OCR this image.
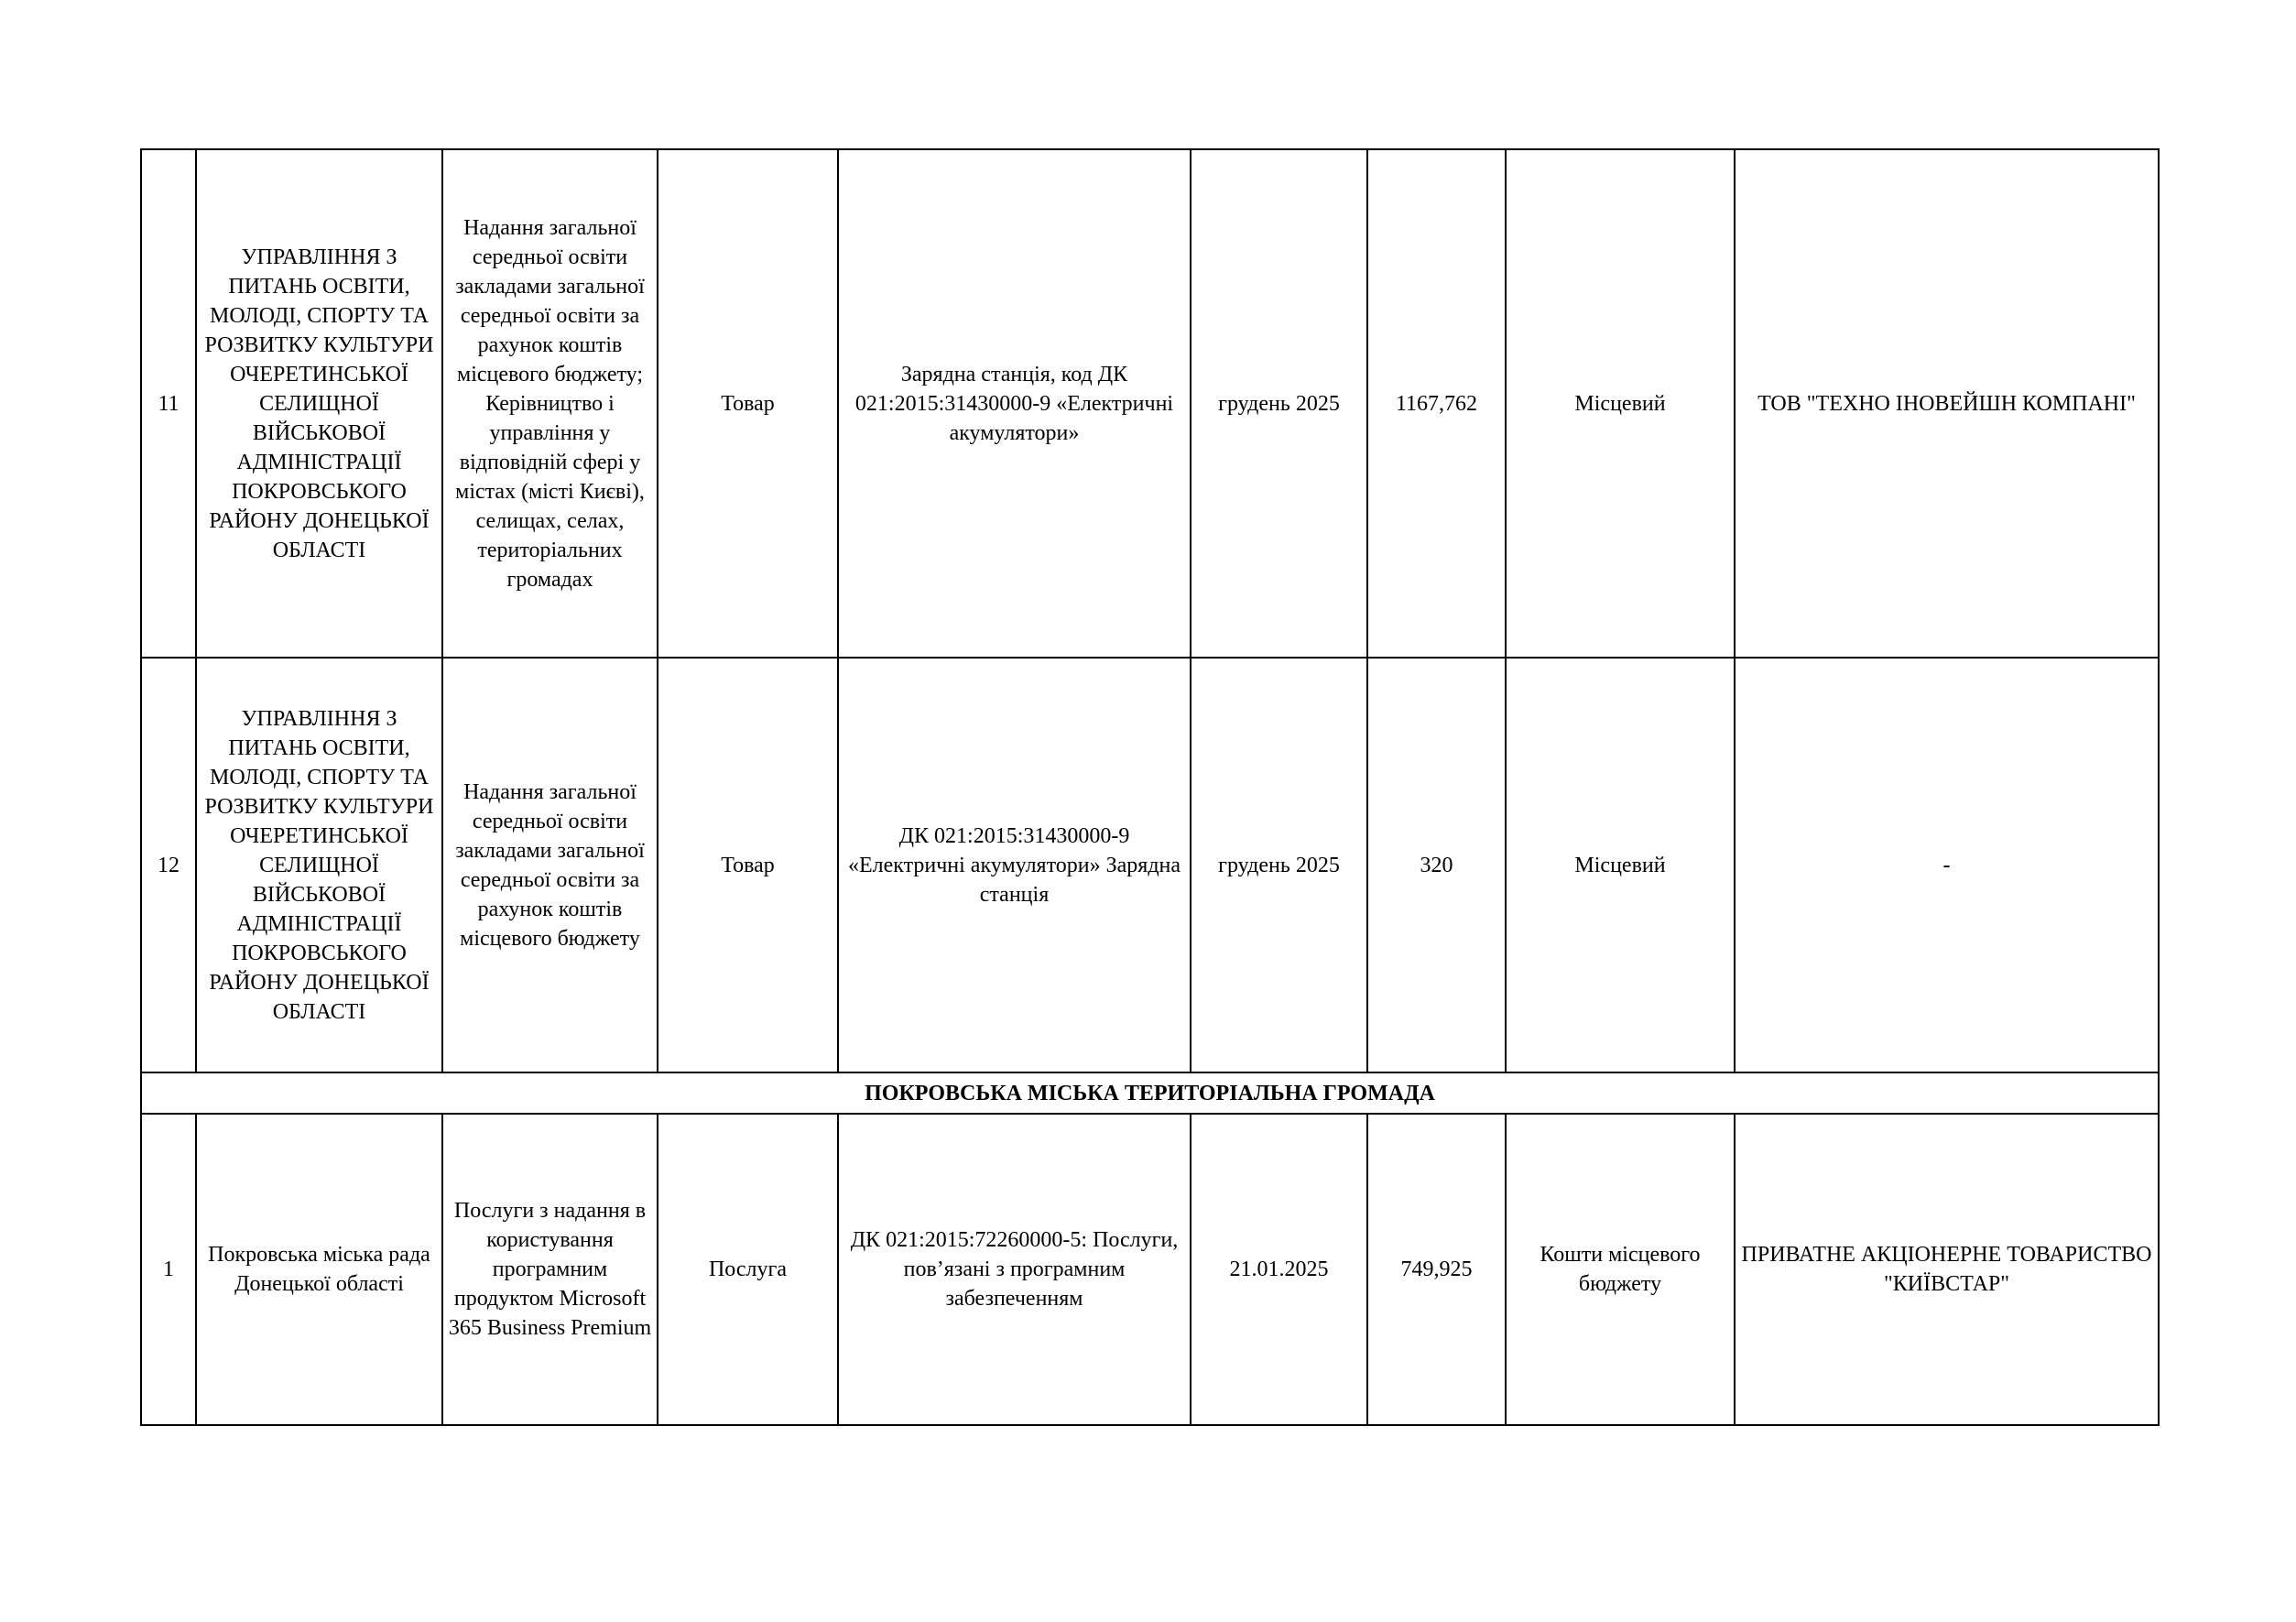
11	УПРАВЛІННЯ З ПИТАНЬ ОСВІТИ, МОЛОДІ, СПОРТУ ТА РОЗВИТКУ КУЛЬТУРИ ОЧЕРЕТИНСЬКОЇ СЕЛИЩНОЇ ВІЙСЬКОВОЇ АДМІНІСТРАЦІЇ ПОКРОВСЬКОГО РАЙОНУ ДОНЕЦЬКОЇ ОБЛАСТІ	Надання загальної середньої освіти закладами загальної середньої освіти за рахунок коштів місцевого бюджету; Керівництво і управління у відповідній сфері у містах (місті Києві), селищах, селах, територіальних громадах	Товар	Зарядна станція, код ДК 021:2015:31430000-9 «Електричні акумулятори»	грудень 2025	1167,762	Місцевий	ТОВ "ТЕХНО ІНОВЕЙШН КОМПАНІ"
12	УПРАВЛІННЯ З ПИТАНЬ ОСВІТИ, МОЛОДІ, СПОРТУ ТА РОЗВИТКУ КУЛЬТУРИ ОЧЕРЕТИНСЬКОЇ СЕЛИЩНОЇ ВІЙСЬКОВОЇ АДМІНІСТРАЦІЇ ПОКРОВСЬКОГО РАЙОНУ ДОНЕЦЬКОЇ ОБЛАСТІ	Надання загальної середньої освіти закладами загальної середньої освіти за рахунок коштів місцевого бюджету	Товар	ДК 021:2015:31430000-9 «Електричні акумулятори» Зарядна станція	грудень 2025	320	Місцевий	-
ПОКРОВСЬКА МІСЬКА ТЕРИТОРІАЛЬНА ГРОМАДА								
1	Покровська міська рада Донецької області	Послуги з надання в користування програмним продуктом Microsoft 365 Business Premium	Послуга	ДК 021:2015:72260000-5: Послуги, пов’язані з програмним забезпеченням	21.01.2025	749,925	Кошти місцевого бюджету	ПРИВАТНЕ АКЦІОНЕРНЕ ТОВАРИСТВО "КИЇВСТАР"
